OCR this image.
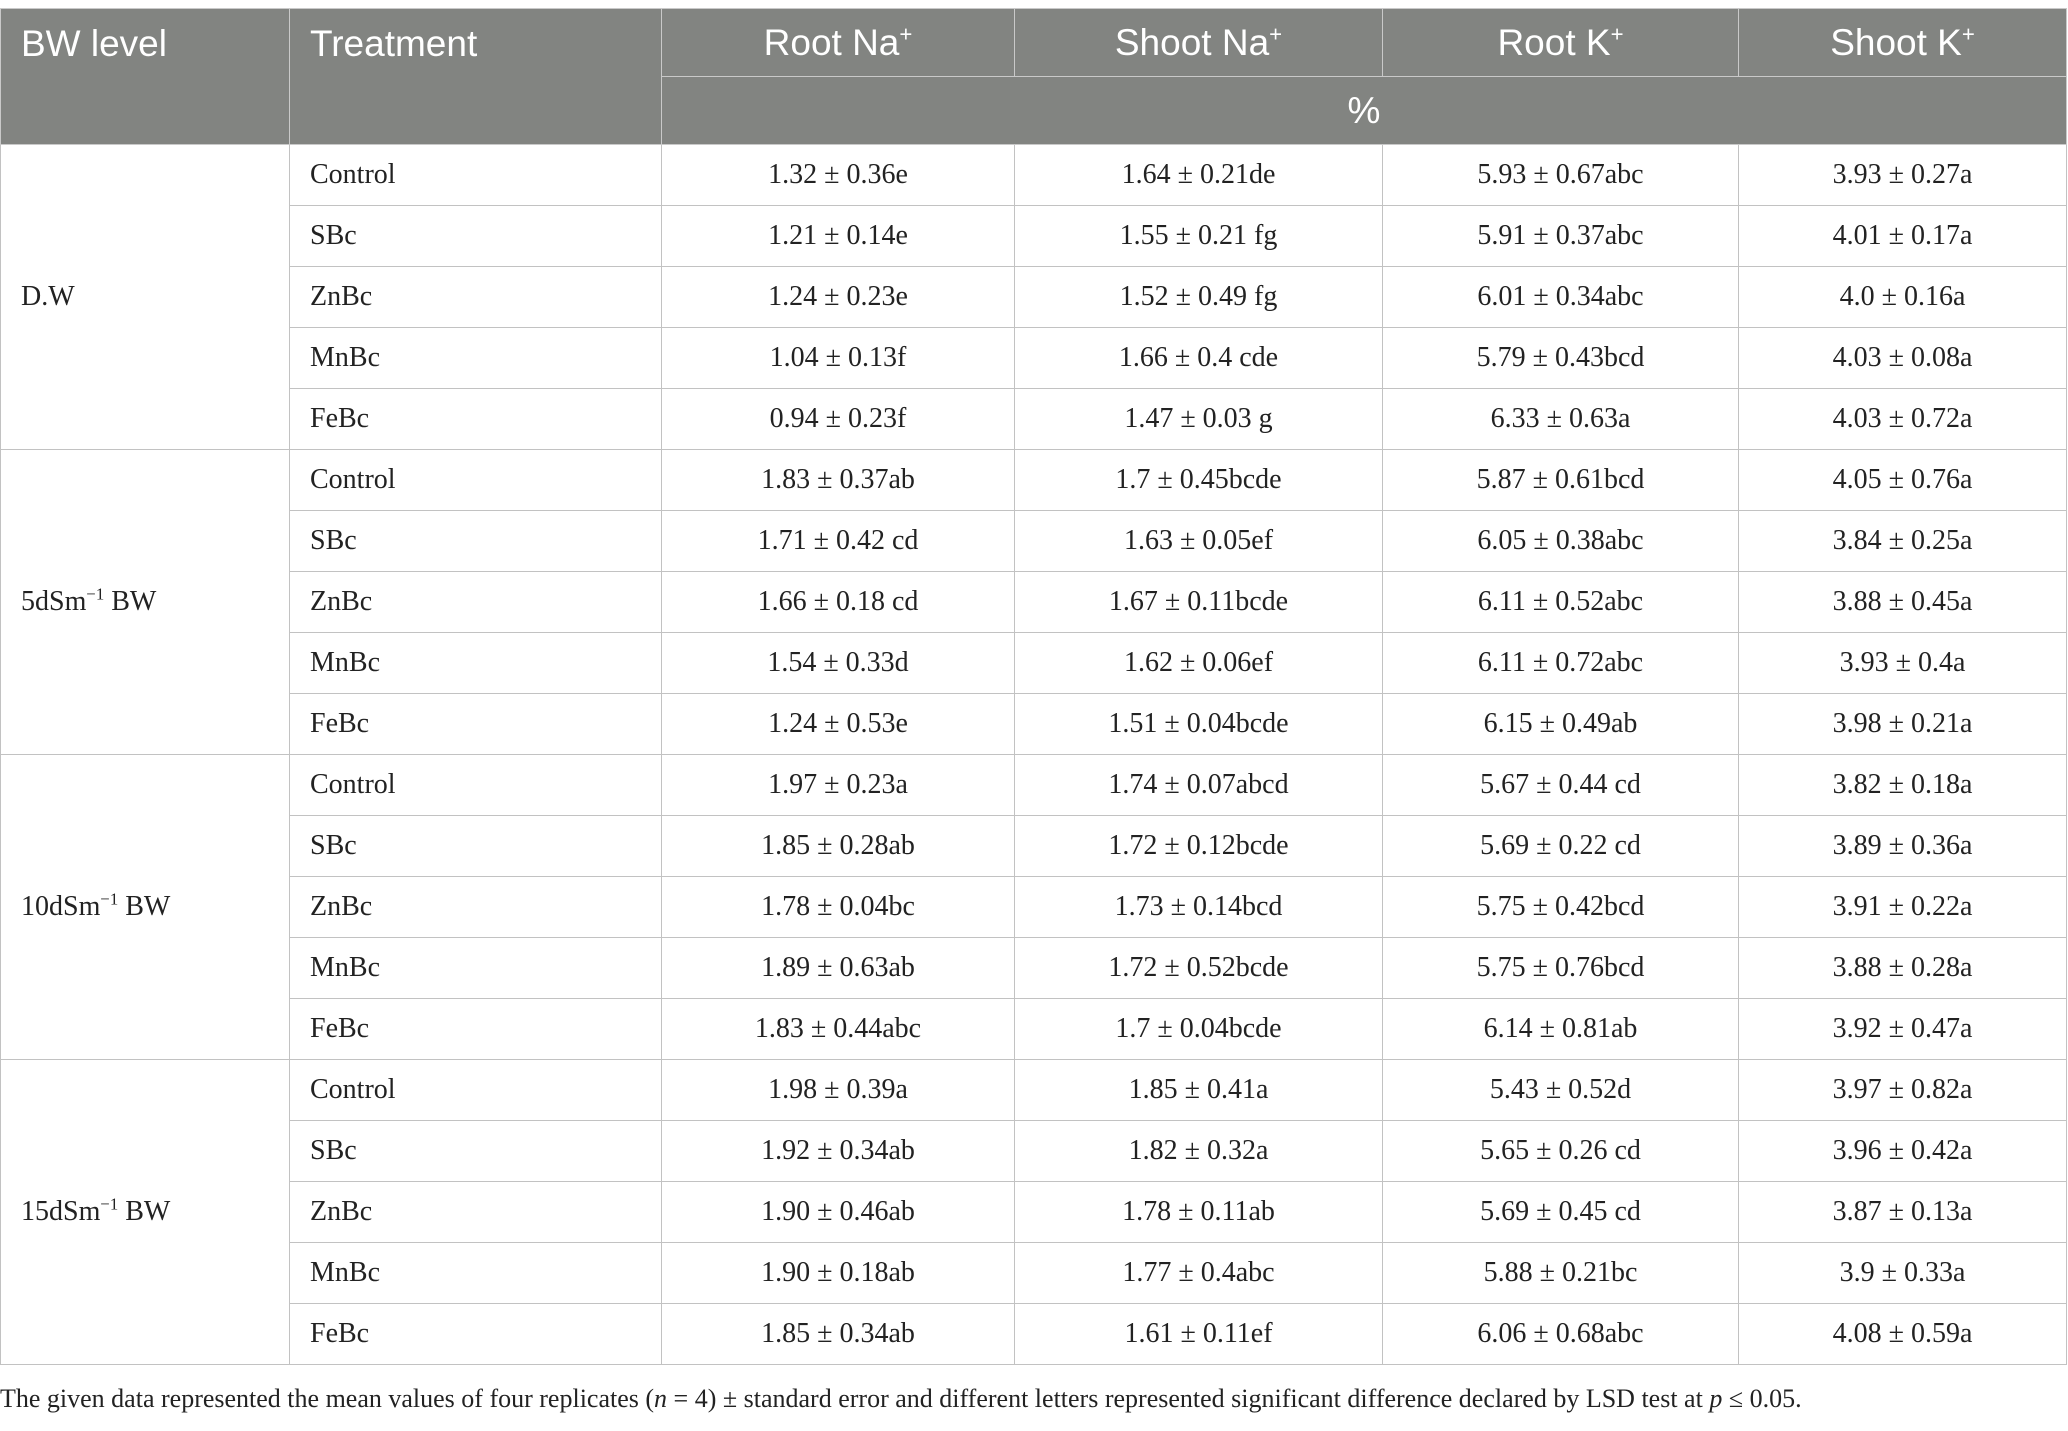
BW level	Treatment	Root Na+	Shoot Na+	Root K+	Shoot K+
		%			
D.W	Control	1.32 ± 0.36e	1.64 ± 0.21de	5.93 ± 0.67abc	3.93 ± 0.27a
	SBc	1.21 ± 0.14e	1.55 ± 0.21 fg	5.91 ± 0.37abc	4.01 ± 0.17a
	ZnBc	1.24 ± 0.23e	1.52 ± 0.49 fg	6.01 ± 0.34abc	4.0 ± 0.16a
	MnBc	1.04 ± 0.13f	1.66 ± 0.4 cde	5.79 ± 0.43bcd	4.03 ± 0.08a
	FeBc	0.94 ± 0.23f	1.47 ± 0.03 g	6.33 ± 0.63a	4.03 ± 0.72a
5dSm$^{-1}$ BW	Control	1.83 ± 0.37ab	1.7 ± 0.45bcde	5.87 ± 0.61bcd	4.05 ± 0.76a
	SBc	1.71 ± 0.42 cd	1.63 ± 0.05ef	6.05 ± 0.38abc	3.84 ± 0.25a
	ZnBc	1.66 ± 0.18 cd	1.67 ± 0.11bcde	6.11 ± 0.52abc	3.88 ± 0.45a
	MnBc	1.54 ± 0.33d	1.62 ± 0.06ef	6.11 ± 0.72abc	3.93 ± 0.4a
	FeBc	1.24 ± 0.53e	1.51 ± 0.04bcde	6.15 ± 0.49ab	3.98 ± 0.21a
10dSm$^{-1}$ BW	Control	1.97 ± 0.23a	1.74 ± 0.07abcd	5.67 ± 0.44 cd	3.82 ± 0.18a
	SBc	1.85 ± 0.28ab	1.72 ± 0.12bcde	5.69 ± 0.22 cd	3.89 ± 0.36a
	ZnBc	1.78 ± 0.04bc	1.73 ± 0.14bcd	5.75 ± 0.42bcd	3.91 ± 0.22a
	MnBc	1.89 ± 0.63ab	1.72 ± 0.52bcde	5.75 ± 0.76bcd	3.88 ± 0.28a
	FeBc	1.83 ± 0.44abc	1.7 ± 0.04bcde	6.14 ± 0.81ab	3.92 ± 0.47a
15dSm$^{-1}$ BW	Control	1.98 ± 0.39a	1.85 ± 0.41a	5.43 ± 0.52d	3.97 ± 0.82a
	SBc	1.92 ± 0.34ab	1.82 ± 0.32a	5.65 ± 0.26 cd	3.96 ± 0.42a
	ZnBc	1.90 ± 0.46ab	1.78 ± 0.11ab	5.69 ± 0.45 cd	3.87 ± 0.13a
	MnBc	1.90 ± 0.18ab	1.77 ± 0.4abc	5.88 ± 0.21bc	3.9 ± 0.33a
	FeBc	1.85 ± 0.34ab	1.61 ± 0.11ef	6.06 ± 0.68abc	4.08 ± 0.59a
The given data represented the mean values of four replicates (n = 4) ± standard error and different letters represented significant difference declared by LSD test at p ≤ 0.05.
